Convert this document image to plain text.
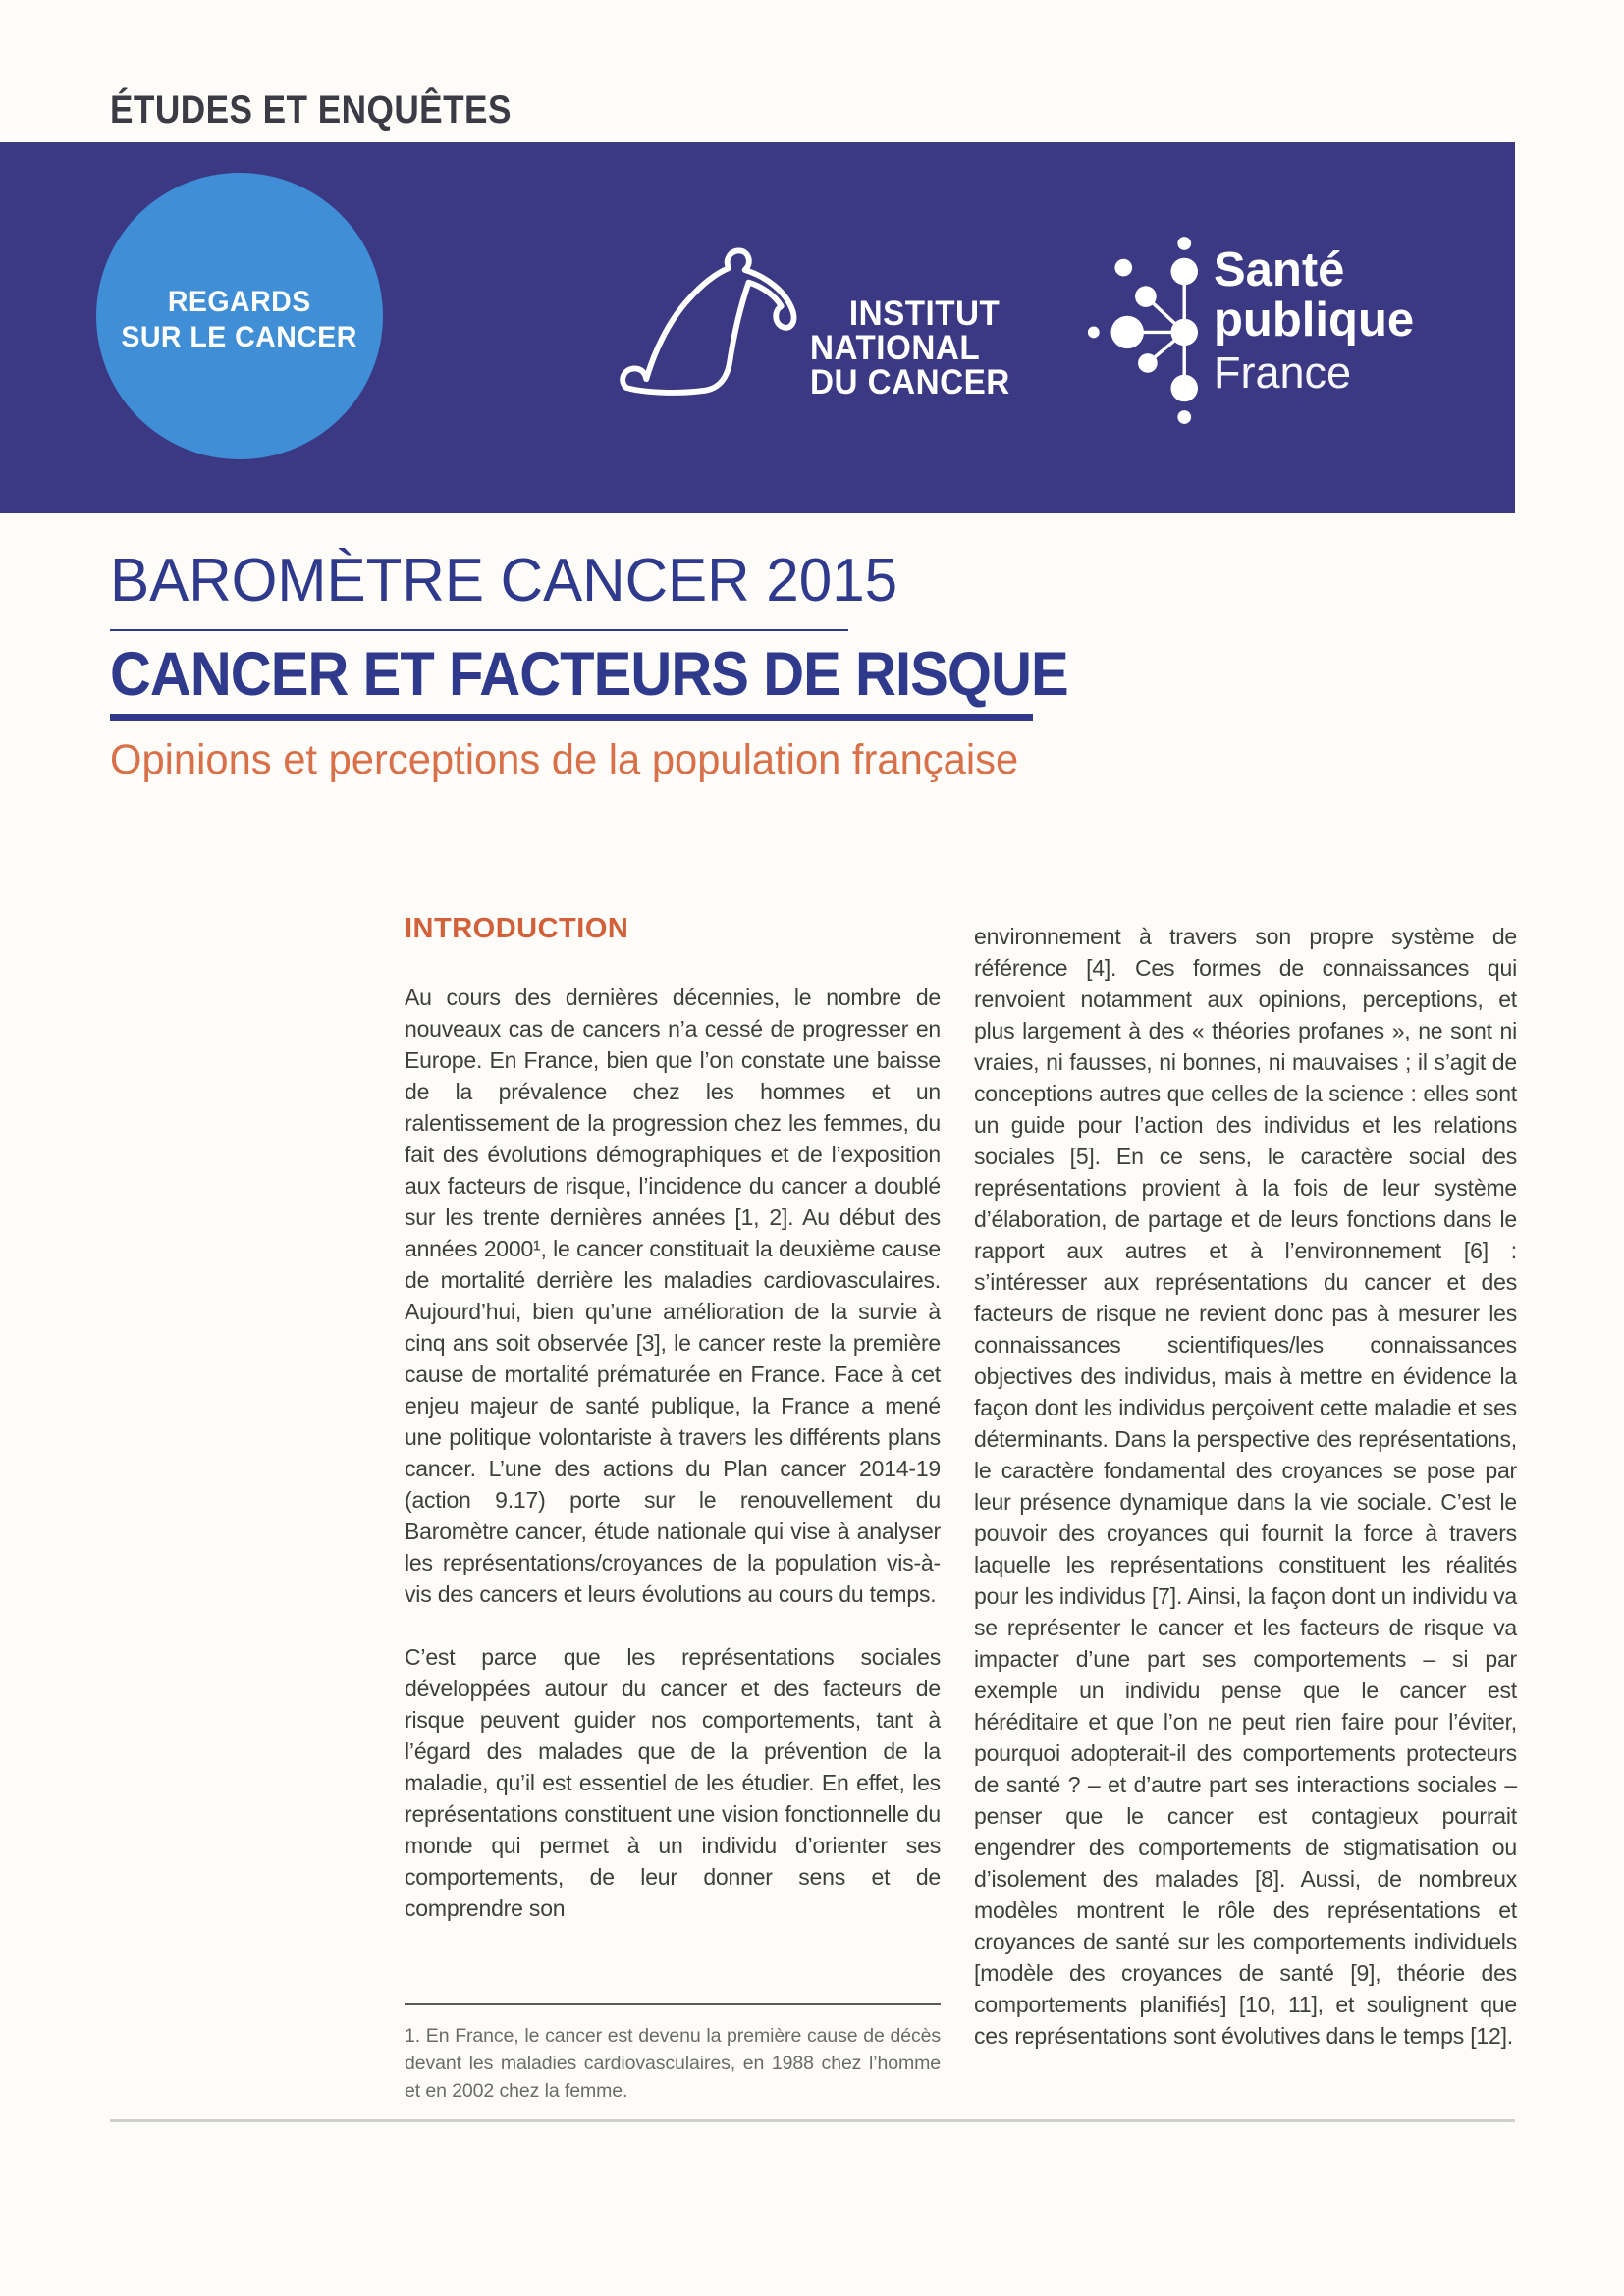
ÉTUDES ET ENQUÊTES
REGARDS
SUR LE CANCER
INSTITUT
NATIONAL
DU CANCER
Santé
publique
France
BAROMÈTRE CANCER 2015
CANCER ET FACTEURS DE RISQUE
Opinions et perceptions de la population française
INTRODUCTION

Au cours des dernières décennies, le nombre de nouveaux cas de cancers n’a cessé de progresser en Europe. En France, bien que l’on constate une baisse de la prévalence chez les hommes et un ralentissement de la progression chez les femmes, du fait des évolutions démographiques et de l’exposition aux facteurs de risque, l’incidence du cancer a doublé sur les trente dernières années [1, 2]. Au début des années 2000¹, le cancer constituait la deuxième cause de mortalité derrière les maladies cardiovasculaires. Aujourd’hui, bien qu’une amélioration de la survie à cinq ans soit observée [3], le cancer reste la première cause de mortalité prématurée en France. Face à cet enjeu majeur de santé publique, la France a mené une politique volontariste à travers les différents plans cancer. L’une des actions du Plan cancer 2014-19 (action 9.17) porte sur le renouvellement du Baromètre cancer, étude nationale qui vise à analyser les représentations/croyances de la population vis-à-vis des cancers et leurs évolutions au cours du temps.

C’est parce que les représentations sociales développées autour du cancer et des facteurs de risque peuvent guider nos comportements, tant à l’égard des malades que de la prévention de la maladie, qu’il est essentiel de les étudier. En effet, les représentations constituent une vision fonctionnelle du monde qui permet à un individu d’orienter ses comportements, de leur donner sens et de comprendre son

environnement à travers son propre système de référence [4]. Ces formes de connaissances qui renvoient notamment aux opinions, perceptions, et plus largement à des « théories profanes », ne sont ni vraies, ni fausses, ni bonnes, ni mauvaises ; il s’agit de conceptions autres que celles de la science : elles sont un guide pour l’action des individus et les relations sociales [5]. En ce sens, le caractère social des représentations provient à la fois de leur système d’élaboration, de partage et de leurs fonctions dans le rapport aux autres et à l’environnement [6] : s’intéresser aux représentations du cancer et des facteurs de risque ne revient donc pas à mesurer les connaissances scientifiques/les connaissances objectives des individus, mais à mettre en évidence la façon dont les individus perçoivent cette maladie et ses déterminants. Dans la perspective des représentations, le caractère fondamental des croyances se pose par leur présence dynamique dans la vie sociale. C’est le pouvoir des croyances qui fournit la force à travers laquelle les représentations constituent les réalités pour les individus [7]. Ainsi, la façon dont un individu va se représenter le cancer et les facteurs de risque va impacter d’une part ses comportements – si par exemple un individu pense que le cancer est héréditaire et que l’on ne peut rien faire pour l’éviter, pourquoi adopterait-il des comportements protecteurs de santé ? – et d’autre part ses interactions sociales – penser que le cancer est contagieux pourrait engendrer des comportements de stigmatisation ou d’isolement des malades [8]. Aussi, de nombreux modèles montrent le rôle des représentations et croyances de santé sur les comportements individuels [modèle des croyances de santé [9], théorie des comportements planifiés] [10, 11], et soulignent que ces représentations sont évolutives dans le temps [12].

1. En France, le cancer est devenu la première cause de décès devant les maladies cardiovasculaires, en 1988 chez l’homme et en 2002 chez la femme.
